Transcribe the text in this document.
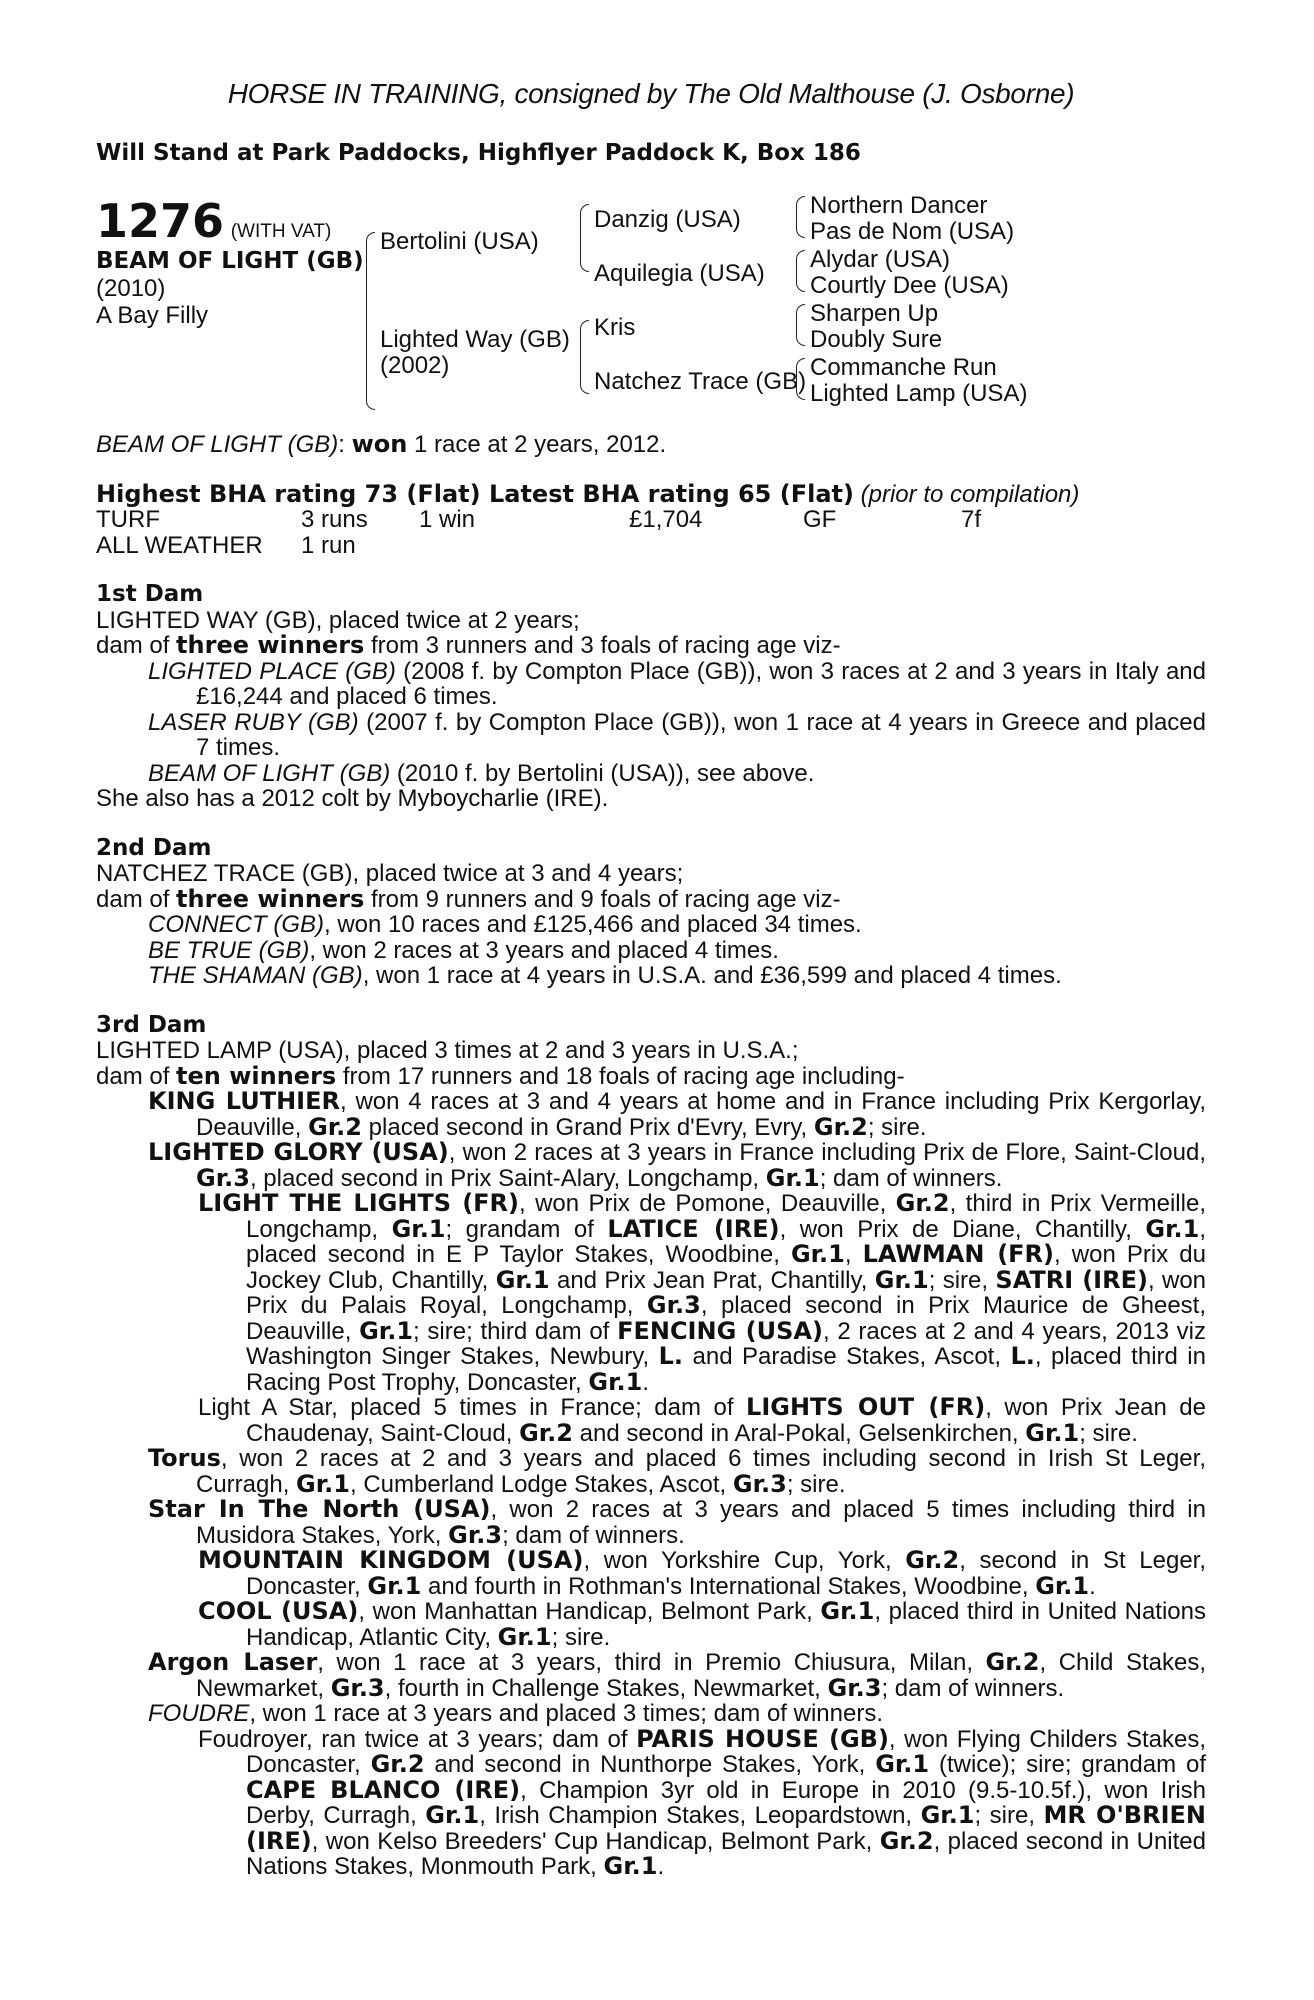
HORSE IN TRAINING, consigned by The Old Malthouse (J. Osborne)
Will Stand at Park Paddocks, Highflyer Paddock K, Box 186
1276 (WITH VAT)
BEAM OF LIGHT (GB)
(2010)
A Bay Filly
Bertolini (USA)
Lighted Way (GB)
(2002)
Danzig (USA)
Aquilegia (USA)
Kris
Natchez Trace (GB)
Northern Dancer
Pas de Nom (USA)
Alydar (USA)
Courtly Dee (USA)
Sharpen Up
Doubly Sure
Commanche Run
Lighted Lamp (USA)
BEAM OF LIGHT (GB): won 1 race at 2 years, 2012.

Highest BHA rating 73 (Flat) Latest BHA rating 65 (Flat) (prior to compilation)

TURF	3 runs	1 win	£1,704	GF	7f
ALL WEATHER	1 run
1st Dam

LIGHTED WAY (GB), placed twice at 2 years;

dam of three winners from 3 runners and 3 foals of racing age viz-

LIGHTED PLACE (GB) (2008 f. by Compton Place (GB)), won 3 races at 2 and 3 years in Italy and £16,244 and placed 6 times.

LASER RUBY (GB) (2007 f. by Compton Place (GB)), won 1 race at 4 years in Greece and placed 7 times.

BEAM OF LIGHT (GB) (2010 f. by Bertolini (USA)), see above.

She also has a 2012 colt by Myboycharlie (IRE).

2nd Dam

NATCHEZ TRACE (GB), placed twice at 3 and 4 years;

dam of three winners from 9 runners and 9 foals of racing age viz-

CONNECT (GB), won 10 races and £125,466 and placed 34 times.

BE TRUE (GB), won 2 races at 3 years and placed 4 times.

THE SHAMAN (GB), won 1 race at 4 years in U.S.A. and £36,599 and placed 4 times.

3rd Dam

LIGHTED LAMP (USA), placed 3 times at 2 and 3 years in U.S.A.;

dam of ten winners from 17 runners and 18 foals of racing age including-

KING LUTHIER, won 4 races at 3 and 4 years at home and in France including Prix Kergorlay, Deauville, Gr.2 placed second in Grand Prix d'Evry, Evry, Gr.2; sire.

LIGHTED GLORY (USA), won 2 races at 3 years in France including Prix de Flore, Saint-Cloud, Gr.3, placed second in Prix Saint-Alary, Longchamp, Gr.1; dam of winners.

LIGHT THE LIGHTS (FR), won Prix de Pomone, Deauville, Gr.2, third in Prix Vermeille, Longchamp, Gr.1; grandam of LATICE (IRE), won Prix de Diane, Chantilly, Gr.1, placed second in E P Taylor Stakes, Woodbine, Gr.1, LAWMAN (FR), won Prix du Jockey Club, Chantilly, Gr.1 and Prix Jean Prat, Chantilly, Gr.1; sire, SATRI (IRE), won Prix du Palais Royal, Longchamp, Gr.3, placed second in Prix Maurice de Gheest, Deauville, Gr.1; sire; third dam of FENCING (USA), 2 races at 2 and 4 years, 2013 viz Washington Singer Stakes, Newbury, L. and Paradise Stakes, Ascot, L., placed third in Racing Post Trophy, Doncaster, Gr.1.

Light A Star, placed 5 times in France; dam of LIGHTS OUT (FR), won Prix Jean de Chaudenay, Saint-Cloud, Gr.2 and second in Aral-Pokal, Gelsenkirchen, Gr.1; sire.

Torus, won 2 races at 2 and 3 years and placed 6 times including second in Irish St Leger, Curragh, Gr.1, Cumberland Lodge Stakes, Ascot, Gr.3; sire.

Star In The North (USA), won 2 races at 3 years and placed 5 times including third in Musidora Stakes, York, Gr.3; dam of winners.

MOUNTAIN KINGDOM (USA), won Yorkshire Cup, York, Gr.2, second in St Leger, Doncaster, Gr.1 and fourth in Rothman's International Stakes, Woodbine, Gr.1.

COOL (USA), won Manhattan Handicap, Belmont Park, Gr.1, placed third in United Nations Handicap, Atlantic City, Gr.1; sire.

Argon Laser, won 1 race at 3 years, third in Premio Chiusura, Milan, Gr.2, Child Stakes, Newmarket, Gr.3, fourth in Challenge Stakes, Newmarket, Gr.3; dam of winners.

FOUDRE, won 1 race at 3 years and placed 3 times; dam of winners.

Foudroyer, ran twice at 3 years; dam of PARIS HOUSE (GB), won Flying Childers Stakes, Doncaster, Gr.2 and second in Nunthorpe Stakes, York, Gr.1 (twice); sire; grandam of CAPE BLANCO (IRE), Champion 3yr old in Europe in 2010 (9.5-10.5f.), won Irish Derby, Curragh, Gr.1, Irish Champion Stakes, Leopardstown, Gr.1; sire, MR O'BRIEN (IRE), won Kelso Breeders' Cup Handicap, Belmont Park, Gr.2, placed second in United Nations Stakes, Monmouth Park, Gr.1.
